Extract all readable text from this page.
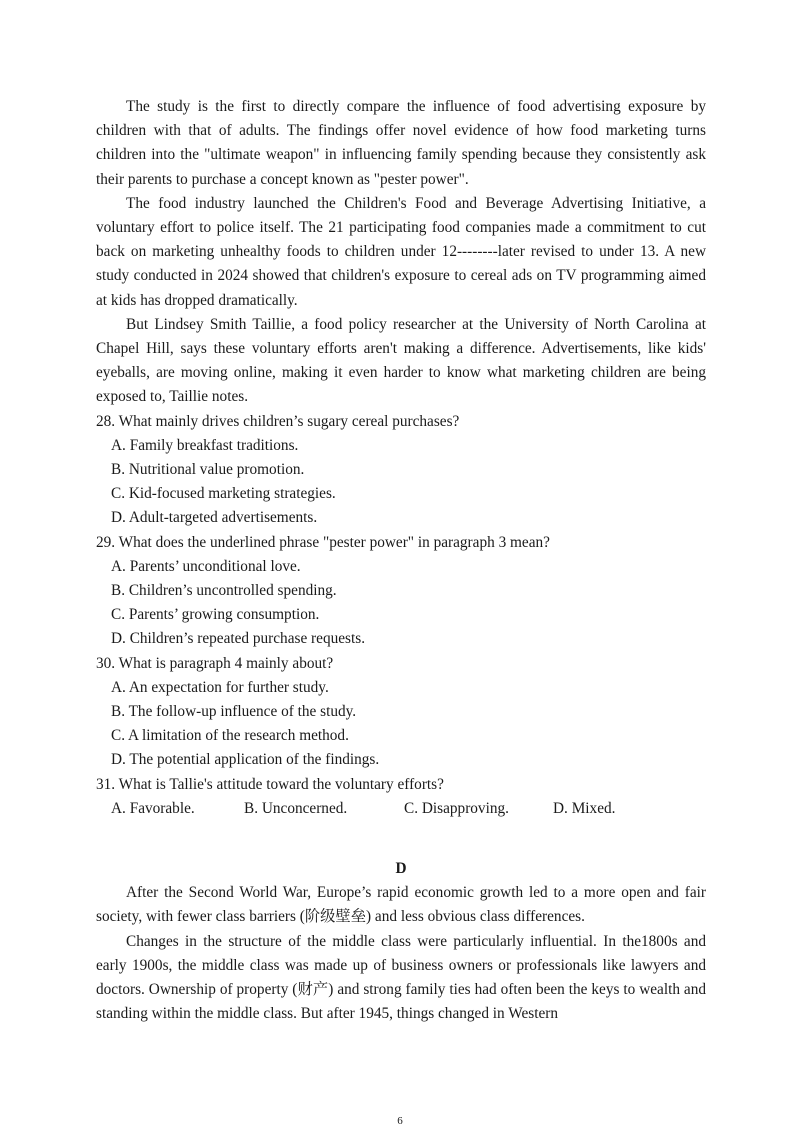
The study is the first to directly compare the influence of food advertising exposure by children with that of adults. The findings offer novel evidence of how food marketing turns children into the "ultimate weapon" in influencing family spending because they consistently ask their parents to purchase a concept known as "pester power".

The food industry launched the Children's Food and Beverage Advertising Initiative, a voluntary effort to police itself. The 21 participating food companies made a commitment to cut back on marketing unhealthy foods to children under 12--------later revised to under 13. A new study conducted in 2024 showed that children's exposure to cereal ads on TV programming aimed at kids has dropped dramatically.

But Lindsey Smith Taillie, a food policy researcher at the University of North Carolina at Chapel Hill, says these voluntary efforts aren't making a difference. Advertisements, like kids' eyeballs, are moving online, making it even harder to know what marketing children are being exposed to, Taillie notes.

28. What mainly drives children’s sugary cereal purchases?

A. Family breakfast traditions.

B. Nutritional value promotion.

C. Kid-focused marketing strategies.

D. Adult-targeted advertisements.

29. What does the underlined phrase "pester power" in paragraph 3 mean?

A. Parents’ unconditional love.

B. Children’s uncontrolled spending.

C. Parents’ growing consumption.

D. Children’s repeated purchase requests.

30. What is paragraph 4 mainly about?

A. An expectation for further study.

B. The follow-up influence of the study.

C. A limitation of the research method.

D. The potential application of the findings.

31. What is Tallie's attitude toward the voluntary efforts?

A. Favorable.	B. Unconcerned.	C. Disapproving.	D. Mixed.

D

After the Second World War, Europe’s rapid economic growth led to a more open and fair society, with fewer class barriers (阶级壁垒) and less obvious class differences.

Changes in the structure of the middle class were particularly influential. In the1800s and early 1900s, the middle class was made up of business owners or professionals like lawyers and doctors. Ownership of property (财产) and strong family ties had often been the keys to wealth and standing within the middle class. But after 1945, things changed in Western

6
